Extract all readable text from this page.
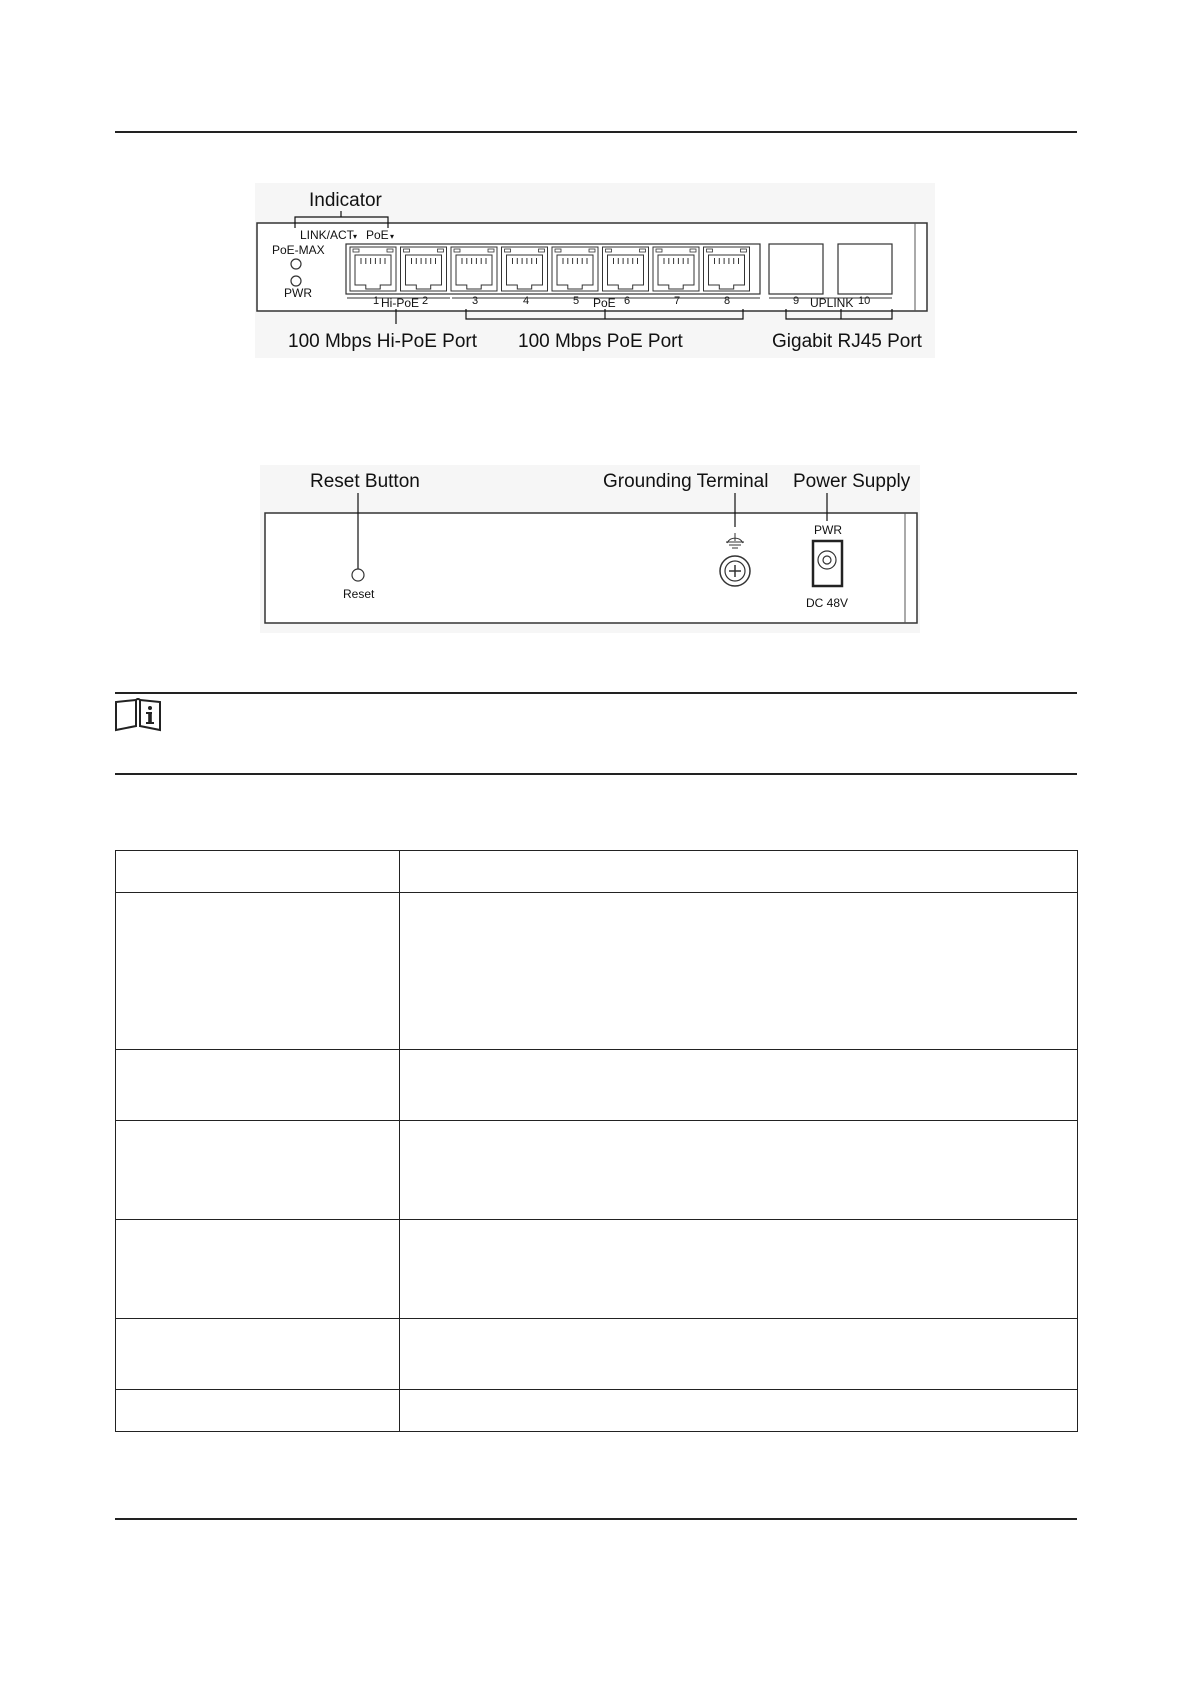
Indicator
LINK/ACT PoE
▾	▾
PoE-MAX
PWR
1	2	3	4	5	6	7	8	9	10
Hi-PoE	PoE	UPLINK
100 Mbps Hi-PoE Port 100 Mbps PoE Port	Gigabit RJ45 Port
Reset Button	Grounding Terminal Power Supply
Reset
PWR
DC 48V
